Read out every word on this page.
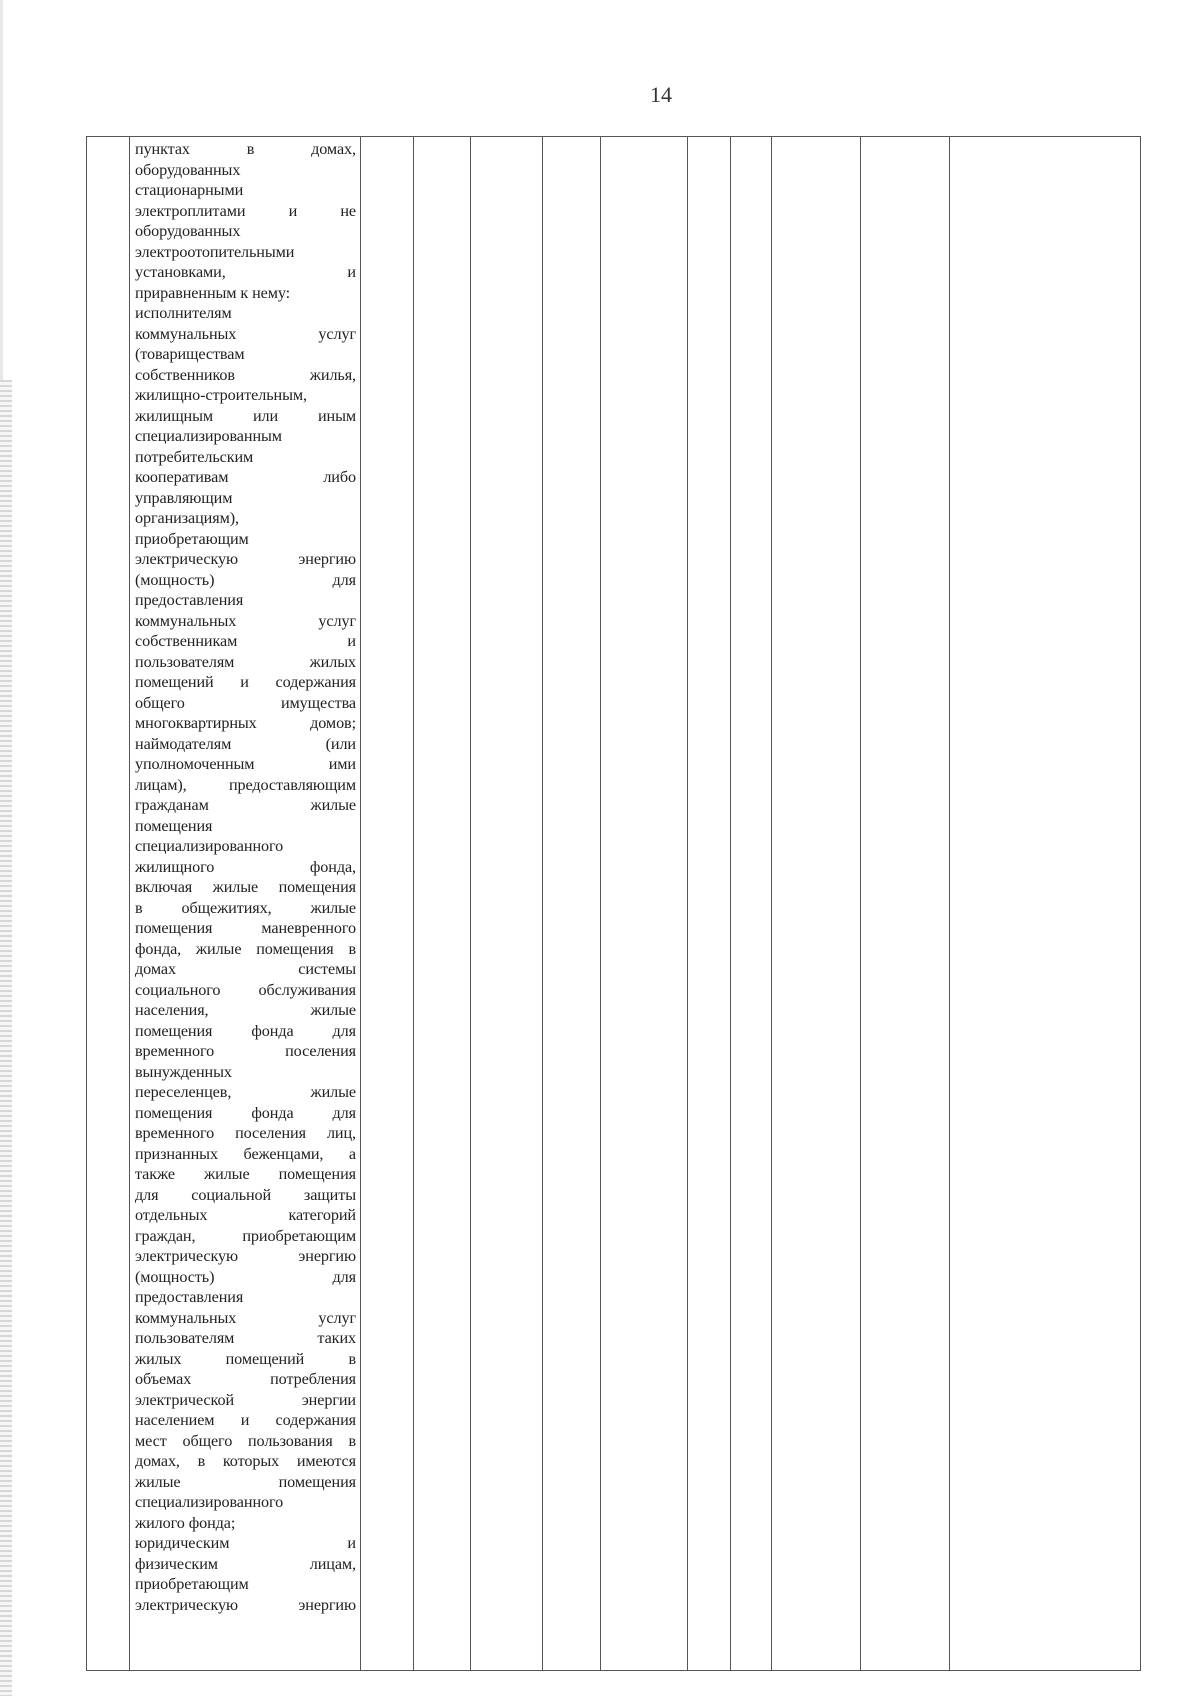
14

пунктах в домах,
оборудованных
стационарными
электроплитами и не
оборудованных
электроотопительными
установками, и
приравненным к нему:
исполнителям
коммунальных услуг
(товариществам
собственников жилья,
жилищно-строительным,
жилищным или иным
специализированным
потребительским
кооперативам либо
управляющим
организациям),
приобретающим
электрическую энергию
(мощность) для
предоставления
коммунальных услуг
собственникам и
пользователям жилых
помещений и содержания
общего имущества
многоквартирных домов;
наймодателям (или
уполномоченным ими
лицам), предоставляющим
гражданам жилые
помещения
специализированного
жилищного фонда,
включая жилые помещения
в общежитиях, жилые
помещения маневренного
фонда, жилые помещения в
домах системы
социального обслуживания
населения, жилые
помещения фонда для
временного поселения
вынужденных
переселенцев, жилые
помещения фонда для
временного поселения лиц,
признанных беженцами, а
также жилые помещения
для социальной защиты
отдельных категорий
граждан, приобретающим
электрическую энергию
(мощность) для
предоставления
коммунальных услуг
пользователям таких
жилых помещений в
объемах потребления
электрической энергии
населением и содержания
мест общего пользования в
домах, в которых имеются
жилые помещения
специализированного
жилого фонда;
юридическим и
физическим лицам,
приобретающим
электрическую энергию
